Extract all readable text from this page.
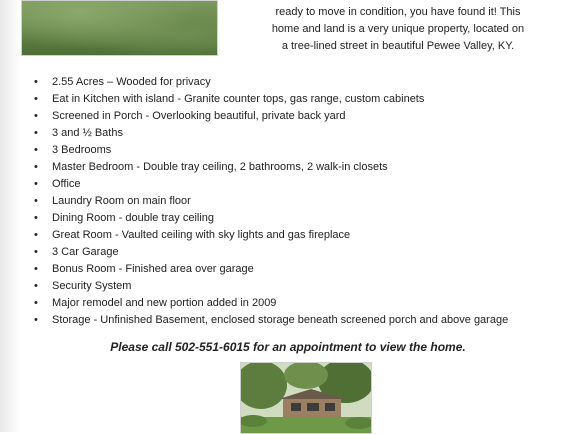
ready to move in condition, you have found it! This
home and land is a very unique property, located on
a tree-lined street in beautiful Pewee Valley, KY.
• 2.55 Acres – Wooded for privacy
• Eat in Kitchen with island - Granite counter tops, gas range, custom cabinets
• Screened in Porch - Overlooking beautiful, private back yard
• 3 and ½ Baths
• 3 Bedrooms
• Master Bedroom - Double tray ceiling, 2 bathrooms, 2 walk-in closets
• Office
• Laundry Room on main floor
• Dining Room - double tray ceiling
• Great Room - Vaulted ceiling with sky lights and gas fireplace
• 3 Car Garage
• Bonus Room - Finished area over garage
• Security System
• Major remodel and new portion added in 2009
• Storage - Unfinished Basement, enclosed storage beneath screened porch and above garage
Please call 502-551-6015 for an appointment to view the home.
